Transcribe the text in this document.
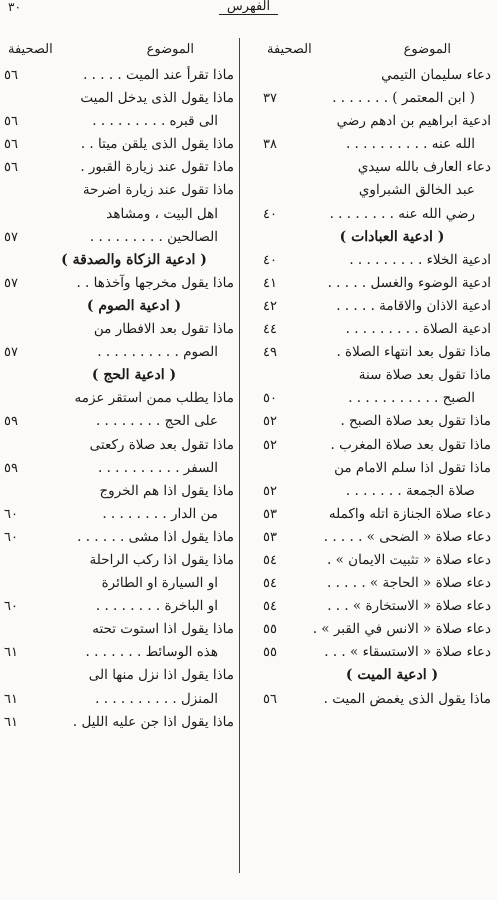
٣٠	الفهرس
الموضوع
الصحيفة
دعاء سليمان التيمي
( ابن المعتمر ) . . . . . . .
٣٧
ادعية ابراهيم بن ادهم رضي
الله عنه . . . . . . . . . .
٣٨
دعاء العارف بالله سيدي
عبد الخالق الشبراوي
رضي الله عنه . . . . . . . .
٤٠
( ادعية العبادات )
ادعية الخلاء . . . . . . . . .
٤٠
ادعية الوضوء والغسل . . . . .
٤١
ادعية الاذان والاقامة . . . . .
٤٢
ادعية الصلاة . . . . . . . . .
٤٤
ماذا تقول بعد انتهاء الصلاة .
٤٩
ماذا تقول بعد صلاة سنة
الصبح . . . . . . . . . . .
٥٠
ماذا تقول بعد صلاة الصبح .
٥٢
ماذا تقول بعد صلاة المغرب .
٥٢
ماذا تقول اذا سلم الامام من
صلاة الجمعة . . . . . . .
٥٢
دعاء صلاة الجنازة اتله واكمله
٥٣
دعاء صلاة « الضحى » . . . . .
٥٣
دعاء صلاة « تثبيت الايمان » .
٥٤
دعاء صلاة « الحاجة » . . . . .
٥٤
دعاء صلاة « الاستخارة » . . .
٥٤
دعاء صلاة « الانس في القبر » .
٥٥
دعاء صلاة « الاستسقاء » . . .
٥٥
( ادعية الميت )
ماذا يقول الذى يغمض الميت .
٥٦
الموضوع
الصحيفة
ماذا تقرأ عند الميت . . . . .
٥٦
ماذا يقول الذى يدخل الميت
الى قبره . . . . . . . . .
٥٦
ماذا يقول الذى يلقن ميتا . .
٥٦
ماذا تقول عند زيارة القبور .
٥٦
ماذا تقول عند زيارة اضرحة
اهل البيت ، ومشاهد
الصالحين . . . . . . . . .
٥٧
( ادعية الزكاة والصدقة )
ماذا يقول مخرجها وآخذها . .
٥٧
( ادعية الصوم )
ماذا تقول بعد الافطار من
الصوم . . . . . . . . . .
٥٧
( ادعية الحج )
ماذا يطلب ممن استقر عزمه
على الحج . . . . . . . .
٥٩
ماذا تقول بعد صلاة ركعتى
السفر . . . . . . . . . .
٥٩
ماذا يقول اذا هم الخروج
من الدار . . . . . . . .
٦٠
ماذا يقول اذا مشى . . . . . .
٦٠
ماذا يقول اذا ركب الراحلة
او السيارة او الطائرة
او الباخرة . . . . . . . .
٦٠
ماذا يقول اذا استوت تحته
هذه الوسائط . . . . . . .
٦١
ماذا يقول اذا نزل منها الى
المنزل . . . . . . . . . .
٦١
ماذا يقول اذا جن عليه الليل .
٦١
